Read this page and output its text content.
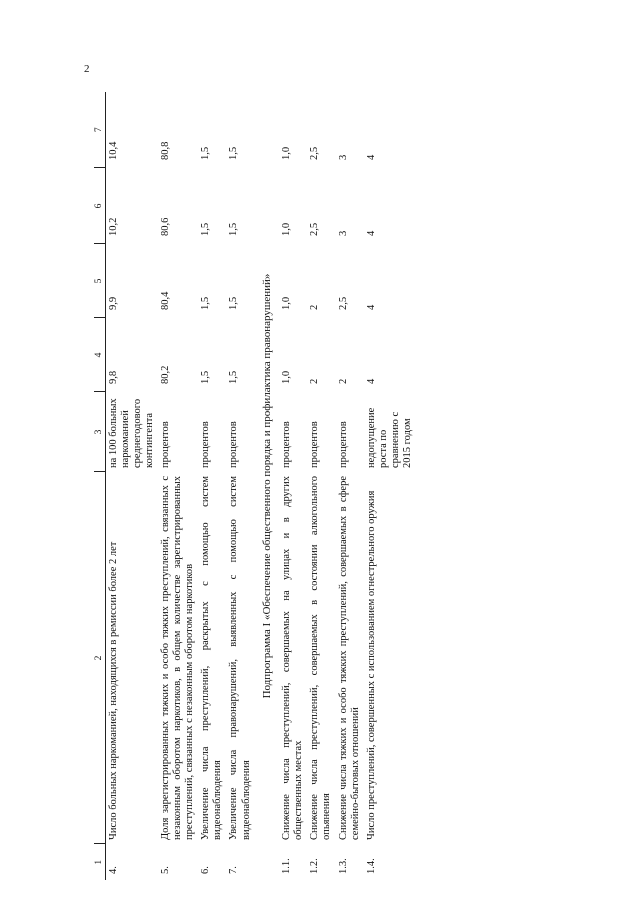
2
1	2	3	4	5	6	7
4.	Число больных наркоманией, находящихся в ремиссии более 2 лет	на 100 больных наркоманией среднегодового контингента	9,8	9,9	10,2	10,4
5.	Доля зарегистрированных тяжких и особо тяжких преступлений, связанных с незаконным оборотом наркотиков, в общем количестве зарегистрированных преступлений, связанных с незаконным оборотом наркотиков	процентов	80,2	80,4	80,6	80,8
6.	Увеличение числа преступлений, раскрытых с помощью систем видеонаблюдения	процентов	1,5	1,5	1,5	1,5
7.	Увеличение числа правонарушений, выявленных с помощью систем видеонаблюдения	процентов	1,5	1,5	1,5	1,5
Подпрограмма I «Обеспечение общественного порядка и профилактика правонарушений»						
1.1.	Снижение числа преступлений, совершаемых на улицах и в других общественных местах	процентов	1,0	1,0	1,0	1,0
1.2.	Снижение числа преступлений, совершаемых в состоянии алкогольного опьянения	процентов	2	2	2,5	2,5
1.3.	Снижение числа тяжких и особо тяжких преступлений, совершаемых в сфере семейно-бытовых отношений	процентов	2	2,5	3	3
1.4.	Число преступлений, совершенных с использованием огнестрельного оружия	недопущение роста по сравнению с 2015 годом	4	4	4	4
